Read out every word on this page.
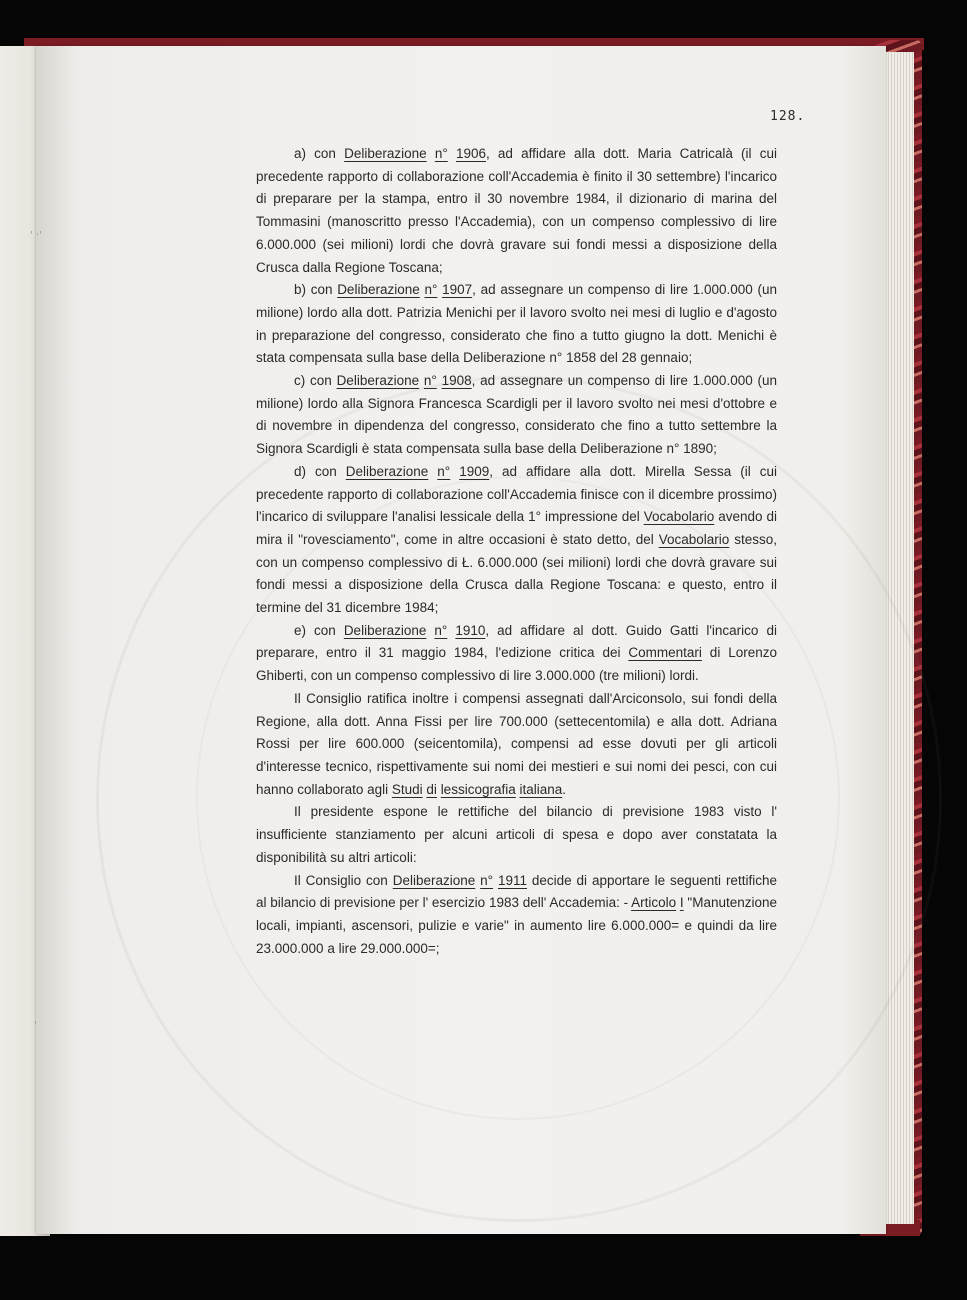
' ·'
'

128.

a) con Deliberazione n° 1906, ad affidare alla dott. Maria Catricalà (il cui precedente rapporto di collaborazione coll'Accademia è finito il 30 settembre) l'incarico di preparare per la stampa, entro il 30 novembre 1984, il dizionario di marina del Tommasini (manoscritto presso l'Accademia), con un compenso complessivo di lire 6.000.000 (sei milioni) lordi che dovrà gravare sui fondi messi a disposizione della Crusca dalla Regione Toscana;

b) con Deliberazione n° 1907, ad assegnare un compenso di lire 1.000.000 (un milione) lordo alla dott. Patrizia Menichi per il lavoro svolto nei mesi di luglio e d'agosto in preparazione del congresso, considerato che fino a tutto giugno la dott. Menichi è stata compensata sulla base della Deliberazione n° 1858 del 28 gennaio;

c) con Deliberazione n° 1908, ad assegnare un compenso di lire 1.000.000 (un milione) lordo alla Signora Francesca Scardigli per il lavoro svolto nei mesi d'ottobre e di novembre in dipendenza del congresso, considerato che fino a tutto settembre la Signora Scardigli è stata compensata sulla base della Deliberazione n° 1890;

d) con Deliberazione n° 1909, ad affidare alla dott. Mirella Sessa (il cui precedente rapporto di collaborazione coll'Accademia finisce con il dicembre prossimo) l'incarico di sviluppare l'analisi lessicale della 1° impressione del Vocabolario avendo di mira il "rovesciamento", come in altre occasioni è stato detto, del Vocabolario stesso, con un compenso complessivo di Ł. 6.000.000 (sei milioni) lordi che dovrà gravare sui fondi messi a disposizione della Crusca dalla Regione Toscana: e questo, entro il termine del 31 dicembre 1984;

e) con Deliberazione n° 1910, ad affidare al dott. Guido Gatti l'incarico di preparare, entro il 31 maggio 1984, l'edizione critica dei Commentari di Lorenzo Ghiberti, con un compenso complessivo di lire 3.000.000 (tre milioni) lordi.

Il Consiglio ratifica inoltre i compensi assegnati dall'Arciconsolo, sui fondi della Regione, alla dott. Anna Fissi per lire 700.000 (settecentomila) e alla dott. Adriana Rossi per lire 600.000 (seicentomila), compensi ad esse dovuti per gli articoli d'interesse tecnico, rispettivamente sui nomi dei mestieri e sui nomi dei pesci, con cui hanno collaborato agli Studi di lessicografia italiana.

Il presidente espone le rettifiche del bilancio di previsione 1983 visto l' insufficiente stanziamento per alcuni articoli di spesa e dopo aver constatata la disponibilità su altri articoli:

Il Consiglio con Deliberazione n° 1911 decide di apportare le seguenti rettifiche al bilancio di previsione per l' esercizio 1983 dell' Accademia: - Articolo I "Manutenzione locali, impianti, ascensori, pulizie e varie" in aumento lire 6.000.000= e quindi da lire 23.000.000 a lire 29.000.000=;
